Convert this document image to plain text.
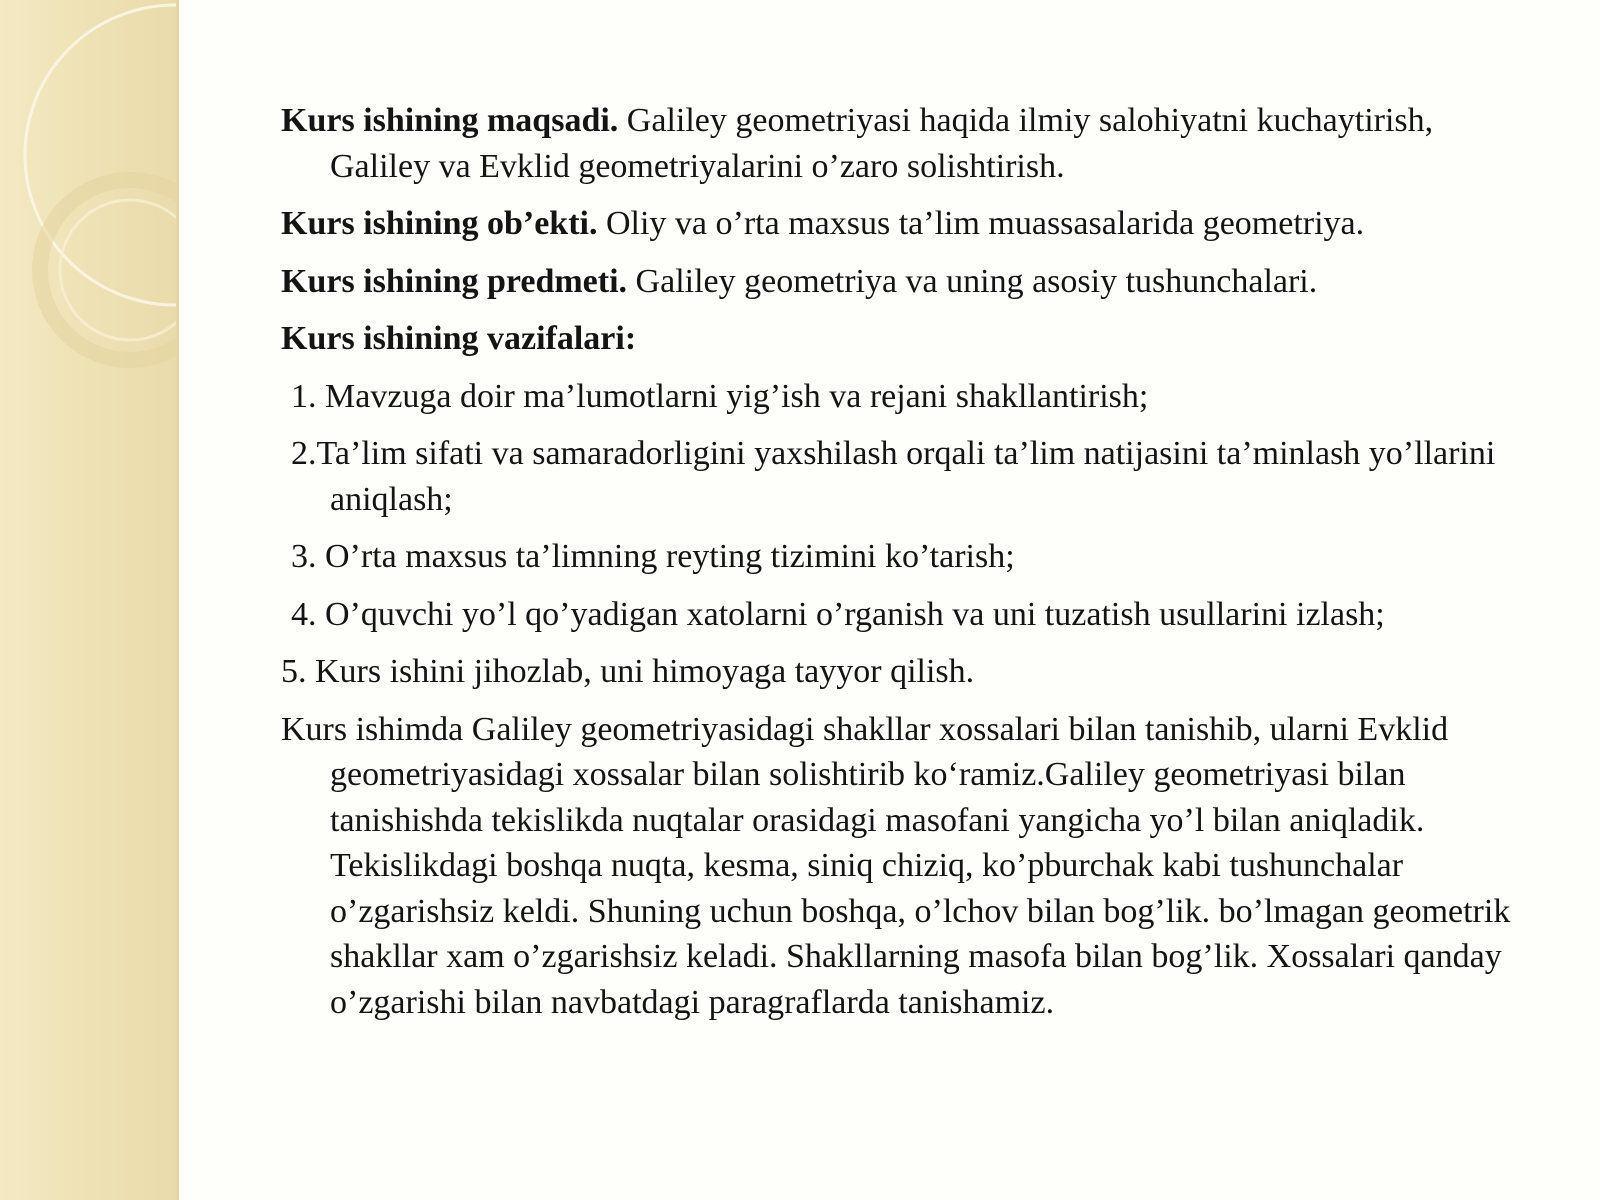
Kurs ishining maqsadi. Galiley geometriyasi haqida ilmiy salohiyatni kuchaytirish, Galiley va Evklid geometriyalarini o’zaro solishtirish.

Kurs ishining ob’ekti. Oliy va o’rta maxsus ta’lim muassasalarida geometriya.

Kurs ishining predmeti. Galiley geometriya va uning asosiy tushunchalari.

Kurs ishining vazifalari:

1. Mavzuga doir ma’lumotlarni yig’ish va rejani shakllantirish;

2.Ta’lim sifati va samaradorligini yaxshilash orqali ta’lim natijasini ta’minlash yo’llarini aniqlash;

3. O’rta maxsus ta’limning reyting tizimini ko’tarish;

4. O’quvchi yo’l qo’yadigan xatolarni o’rganish va uni tuzatish usullarini izlash;

5. Kurs ishini jihozlab, uni himoyaga tayyor qilish.

Kurs ishimda Galiley geometriyasidagi shakllar xossalari bilan tanishib, ularni Evklid geometriyasidagi xossalar bilan solishtirib ko‘ramiz.Galiley geometriyasi bilan tanishishda tekislikda nuqtalar orasidagi masofani yangicha yo’l bilan aniqladik. Tekislikdagi boshqa nuqta, kesma, siniq chiziq, ko’pburchak kabi tushunchalar o’zgarishsiz keldi. Shuning uchun boshqa, o’lchov bilan bog’lik. bo’lmagan geometrik shakllar xam o’zgarishsiz keladi. Shakllarning masofa bilan bog’lik. Xossalari qanday o’zgarishi bilan navbatdagi paragraflarda tanishamiz.
